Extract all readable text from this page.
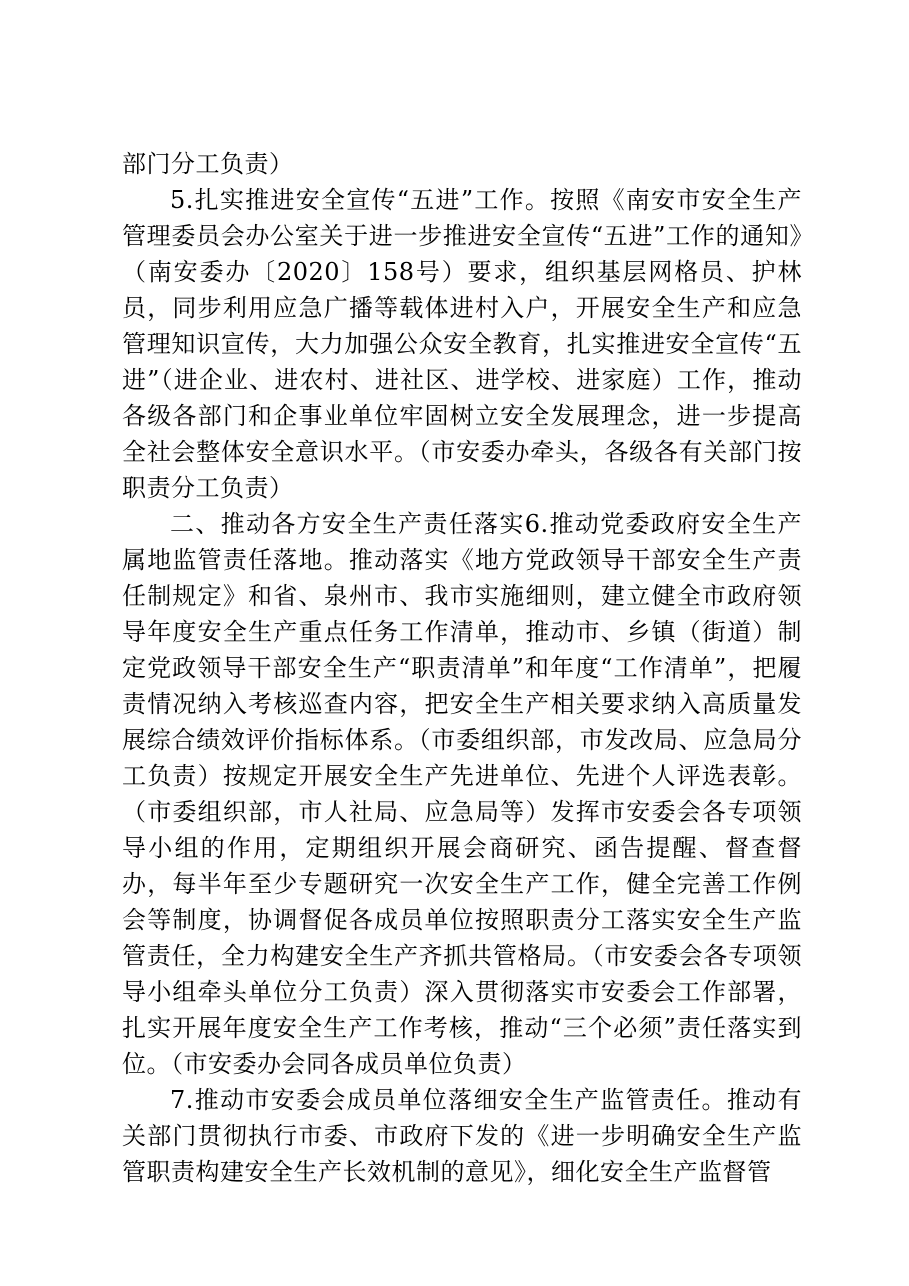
部门分工负责）

5.扎实推进安全宣传“五进”工作。按照《南安市安全生产管理委员会办公室关于进一步推进安全宣传“五进”工作的通知》（南安委办〔2020〕158号）要求，组织基层网格员、护林员，同步利用应急广播等载体进村入户，开展安全生产和应急管理知识宣传，大力加强公众安全教育，扎实推进安全宣传“五进”（进企业、进农村、进社区、进学校、进家庭）工作，推动各级各部门和企事业单位牢固树立安全发展理念，进一步提高全社会整体安全意识水平。（市安委办牵头，各级各有关部门按职责分工负责）

二、推动各方安全生产责任落实6.推动党委政府安全生产属地监管责任落地。推动落实《地方党政领导干部安全生产责任制规定》和省、泉州市、我市实施细则，建立健全市政府领导年度安全生产重点任务工作清单，推动市、乡镇（街道）制定党政领导干部安全生产“职责清单”和年度“工作清单”，把履责情况纳入考核巡查内容，把安全生产相关要求纳入高质量发展综合绩效评价指标体系。（市委组织部，市发改局、应急局分工负责）按规定开展安全生产先进单位、先进个人评选表彰。（市委组织部，市人社局、应急局等）发挥市安委会各专项领导小组的作用，定期组织开展会商研究、函告提醒、督查督办，每半年至少专题研究一次安全生产工作，健全完善工作例会等制度，协调督促各成员单位按照职责分工落实安全生产监管责任，全力构建安全生产齐抓共管格局。（市安委会各专项领导小组牵头单位分工负责）深入贯彻落实市安委会工作部署，扎实开展年度安全生产工作考核，推动“三个必须”责任落实到位。（市安委办会同各成员单位负责）

7.推动市安委会成员单位落细安全生产监管责任。推动有关部门贯彻执行市委、市政府下发的《进一步明确安全生产监管职责构建安全生产长效机制的意见》，细化安全生产监督管
